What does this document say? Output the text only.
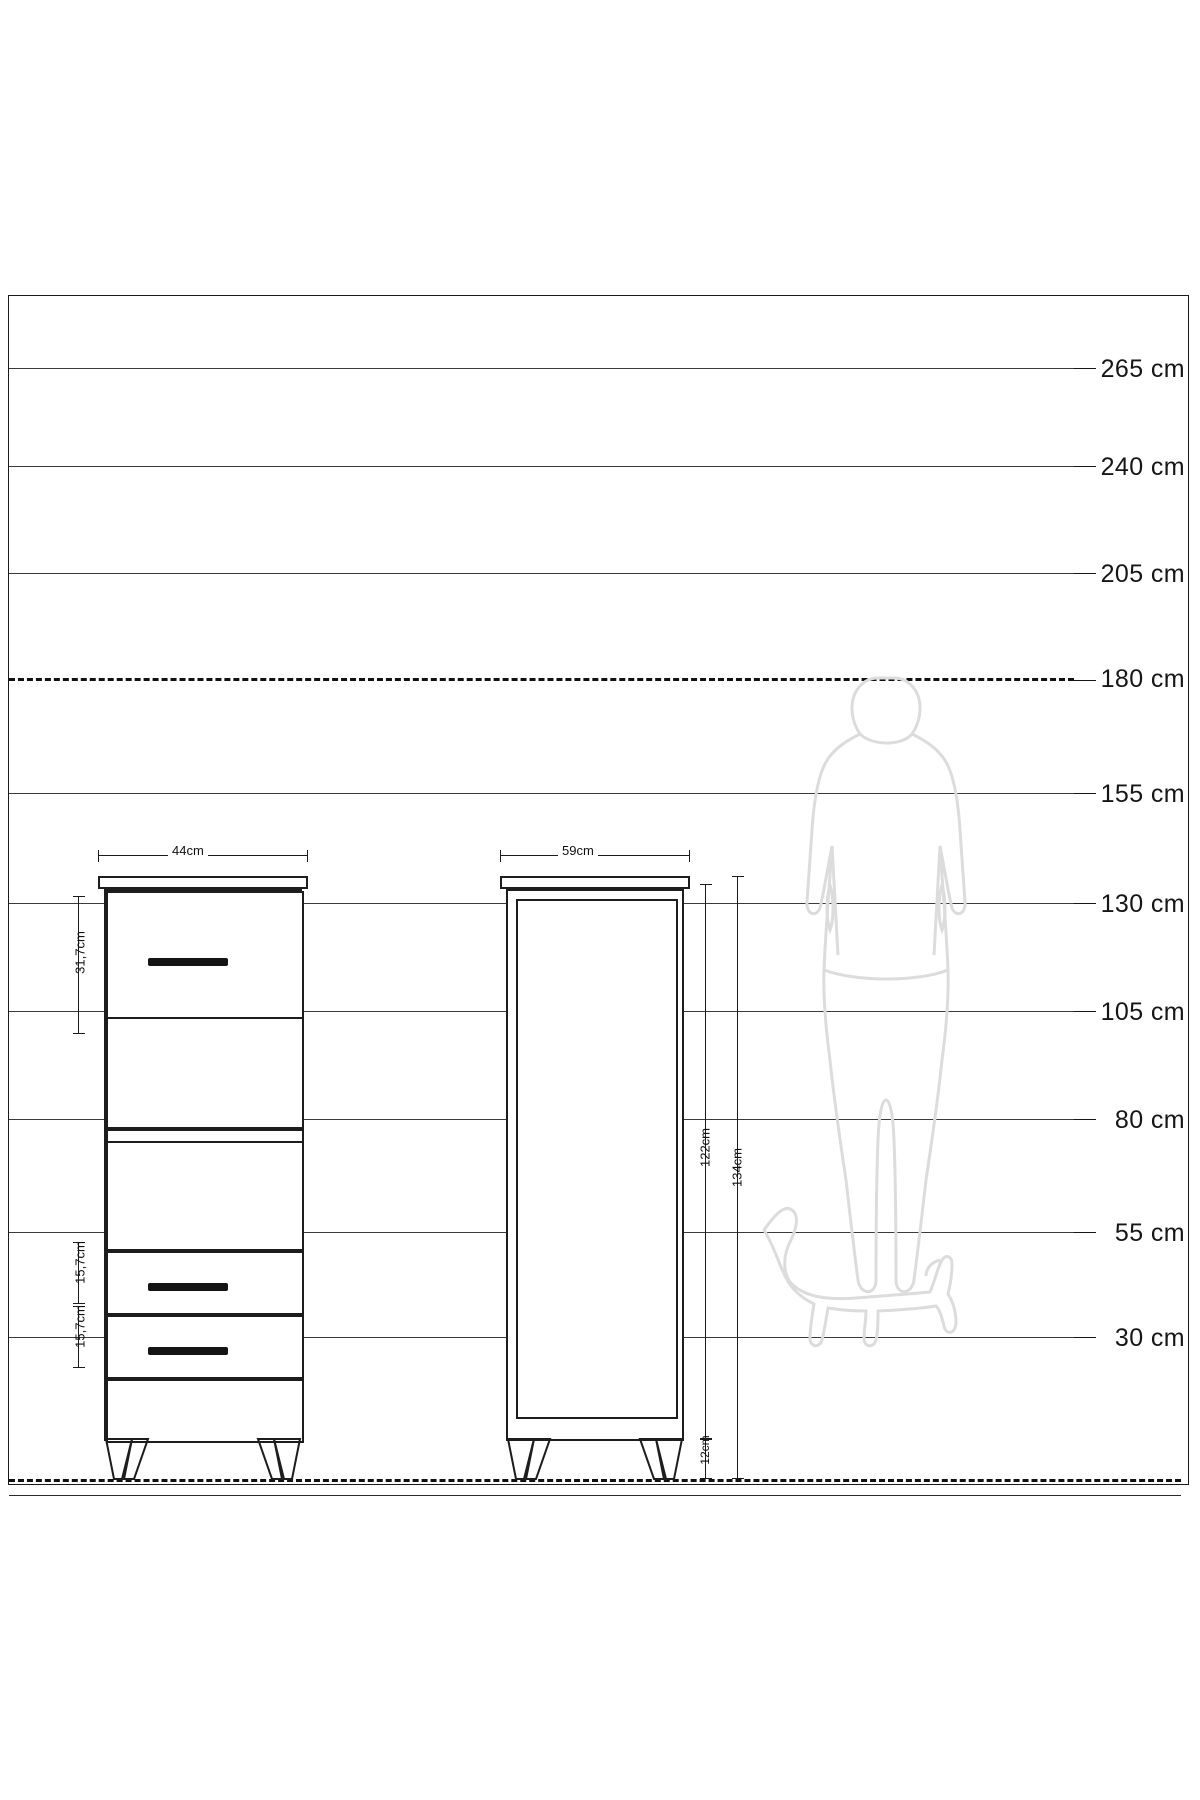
265 cm
240 cm
205 cm
180 cm
155 cm
130 cm
105 cm
80 cm
55 cm
30 cm
44cm
31,7cm
15,7cm
15,7cm
59cm
122cm
134cm
12cm
